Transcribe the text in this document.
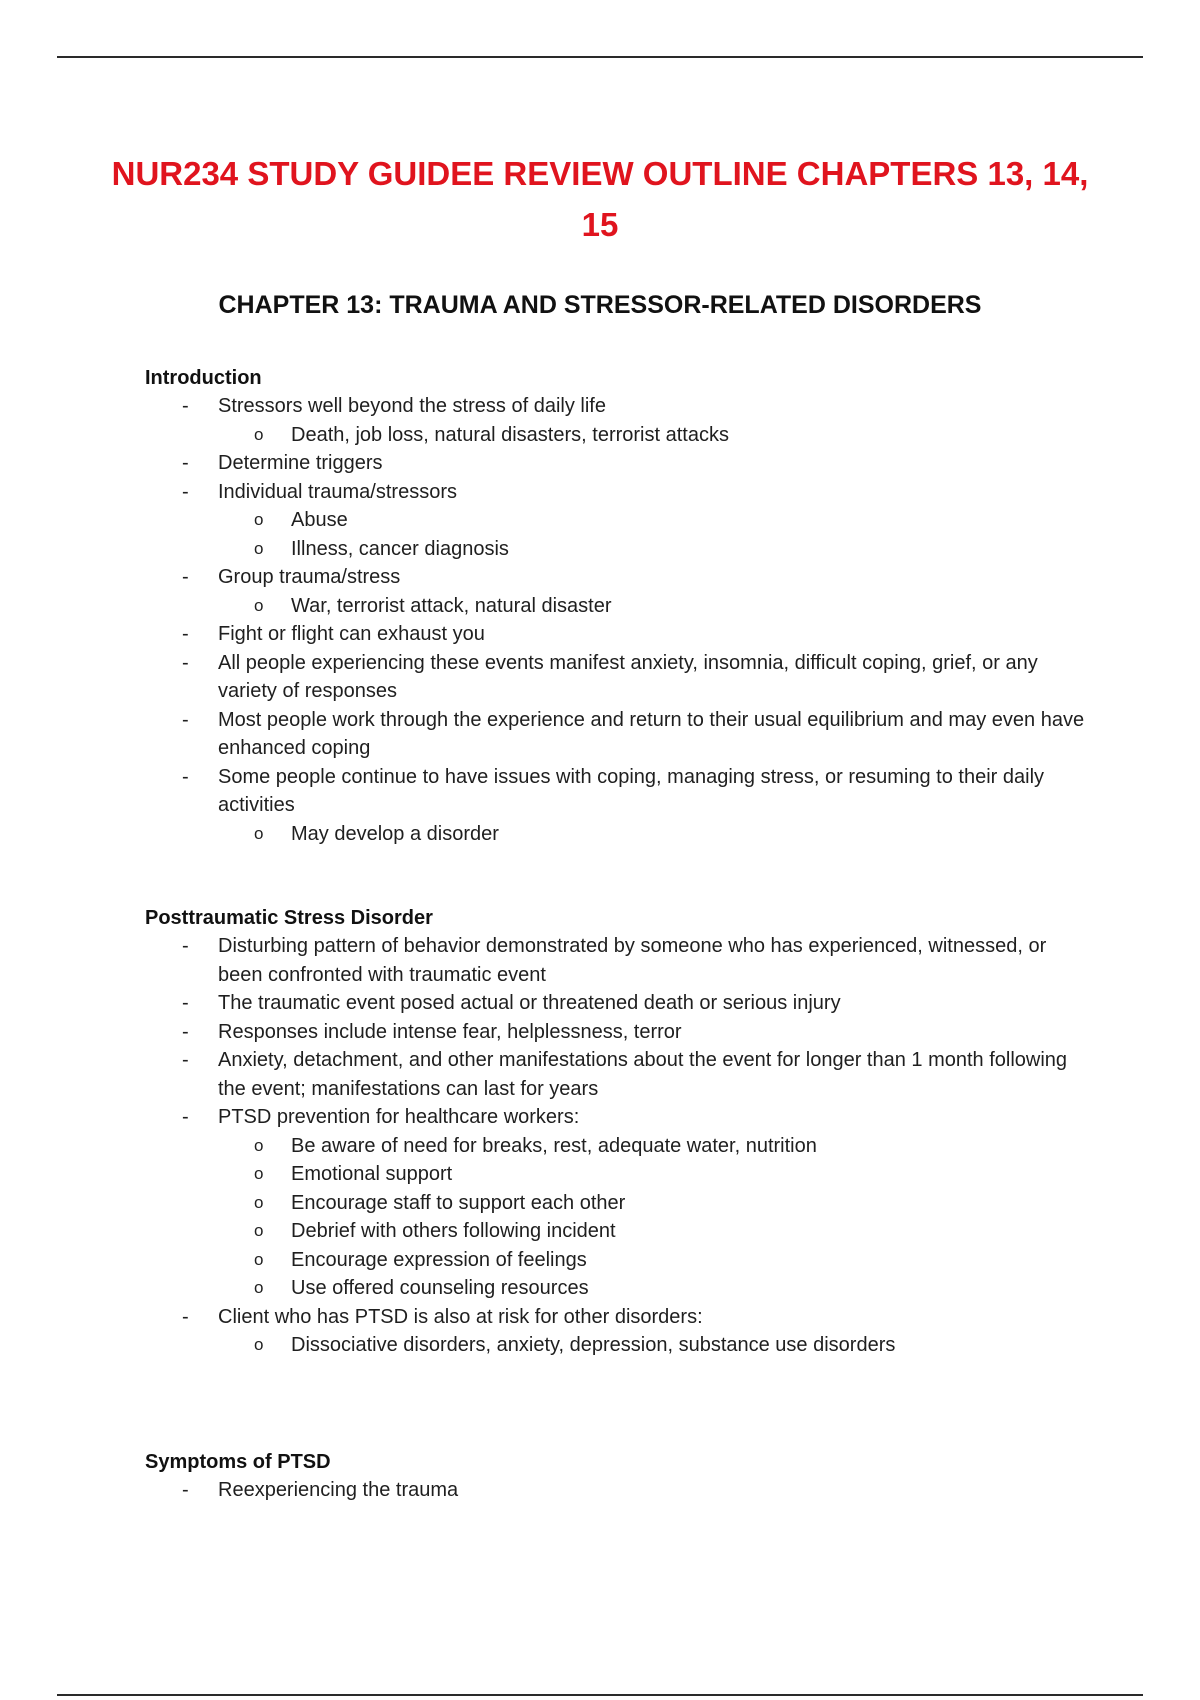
NUR234 STUDY GUIDEE REVIEW OUTLINE CHAPTERS 13, 14, 15
CHAPTER 13: TRAUMA AND STRESSOR-RELATED DISORDERS
Introduction
- Stressors well beyond the stress of daily life
o Death, job loss, natural disasters, terrorist attacks
- Determine triggers
- Individual trauma/stressors
o Abuse
o Illness, cancer diagnosis
- Group trauma/stress
o War, terrorist attack, natural disaster
- Fight or flight can exhaust you
- All people experiencing these events manifest anxiety, insomnia, difficult coping, grief, or any variety of responses
- Most people work through the experience and return to their usual equilibrium and may even have enhanced coping
- Some people continue to have issues with coping, managing stress, or resuming to their daily activities
o May develop a disorder
Posttraumatic Stress Disorder
- Disturbing pattern of behavior demonstrated by someone who has experienced, witnessed, or been confronted with traumatic event
- The traumatic event posed actual or threatened death or serious injury
- Responses include intense fear, helplessness, terror
- Anxiety, detachment, and other manifestations about the event for longer than 1 month following the event; manifestations can last for years
- PTSD prevention for healthcare workers:
o Be aware of need for breaks, rest, adequate water, nutrition
o Emotional support
o Encourage staff to support each other
o Debrief with others following incident
o Encourage expression of feelings
o Use offered counseling resources
- Client who has PTSD is also at risk for other disorders:
o Dissociative disorders, anxiety, depression, substance use disorders
Symptoms of PTSD
- Reexperiencing the trauma
